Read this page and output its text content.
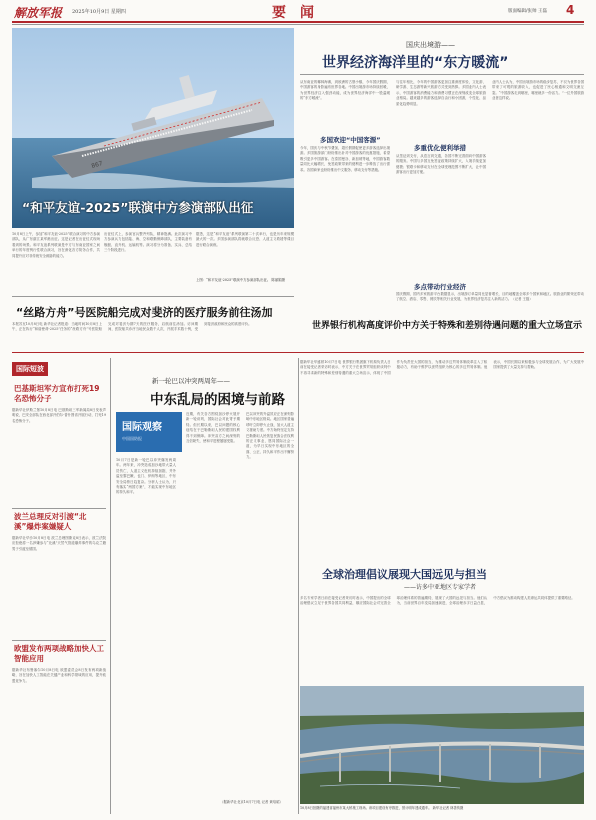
解放军报 2025年10月9日 星期四	要　闻	版面编辑/张帅 王磊 4
867
“和平友谊-2025”联演中方参演部队出征
10月8日上午，参加“和平友谊-2025”联合演习的中方参演部队，从广东湛江某军港出征。这是记者在出征仪式现场看到的场景。和平友谊系列联演是中方与东南亚国家之间举行的年度例行性联合演习，旨在深化各方防务合作，共同提升应对非传统安全威胁的能力。
出征仪式上，参演官兵整齐列队，精神饱满。此次演习中方参演兵力包括陆、海、空和联勤保障部队，主要装备有舰艇、直升机、运输机等。演习将分为准备、实兵、总结三个阶段进行。
据悉，这是“和平友谊”系列联演第二十次举行，也是历年来规模最大的一次。多国参演部队将就联合反恐、人道主义救援等课目进行联合演练。
上图：“和平友谊-2025”联演中方参演部队出征。 陈丽娟摄
国庆出境游——
世界经济海洋里的“东方暖流”
从东南亚的椰林海滩，到欧洲的古堡小镇，今年国庆假期，中国游客的身影遍布世界各地。中国出境游市场持续回暖，为世界经济注入强劲动能，成为世界经济海洋中一股温暖的“东方暖流”。
多国欢迎“中国客源”
今年，国庆与中秋节叠加，超长假期促使更多游客选择出境游。多国旅游部门纷纷推出针对中国游客的优惠措施，希望吸引更多中国游客。在泰国曼谷、新加坡等地，中国游客数量同比大幅增长，免签政策带来的便利进一步释放了出行需求。各国商家也纷纷推出中文服务、移动支付等措施。
与往年相比，今年的中国游客更加注重深度体验，文化游、研学游、生态游等新兴旅游方式受到热捧。多国业内人士表示，中国游客的消费能力和消费习惯正在深刻改变全球旅游业格局。越来越多的游客选择自由行和小团游，个性化、品质化趋势明显。
多重优化便利举措
从签证到支付，从语言到交通，各国不断完善面向中国游客的服务。中国与多国互免签证政策持续扩大，入境手续更加便捷；银联卡和移动支付在全球受理范围不断扩大，让中国游客出行更加方便。
业内人士认为，中国出境游市场的稳步复苏，不仅为世界各国带来了可观的旅游收入，也促进了民心相通和文明交流互鉴。“中国游客走到哪里，哪里就多一份活力。”一位外国旅游业者这样说。
多点带动行业经济
国庆假期，国内多家旅游平台数据显示，出境游订单量同比显著增长，目的地覆盖全球多个国家和地区。旅游业的繁荣还带动了航空、酒店、零售、餐饮等相关行业发展，为世界经济复苏注入新的活力。（记者 王磊）
“丝路方舟”号医院船完成对斐济的医疗服务前往汤加
本报苏瓦10月8日电 新华社记者报道：当地时间10月8日上午，正在执行“和谐使命-2025”任务的“丝路方舟”号医院船完成对斐济为期7天的医疗服务，启航前往汤加。访问期间，医院船共诊疗当地民众数千人次，开展手术数十例，受到斐济政府和民众的高度评价。	世界银行机构高度评价中方关于特殊和差别待遇问题的重大立场宣示
据新华社华盛顿10月7日电 世界银行集团旗下机构负责人日前在接受记者采访时表示，中方关于在世界贸易组织谈判中不再寻求新的特殊和差别待遇的重大立场宣示，体现了中国作为负责任大国的担当，为推动多边贸易体制改革注入了积极动力，有助于维护以世贸组织为核心的多边贸易体制。他表示，中国长期以来积极参与全球发展合作，为广大发展中国家提供了大量支持与帮助。
国际短波
巴基斯坦军方宣布打死19名恐怖分子
据新华社伊斯兰堡10月8日电 巴基斯坦三军新闻局8日发表声明说，巴安全部队在西北部开伯尔-普什图省开展行动，打死19名恐怖分子。
波兰总理反对引渡“北溪”爆炸案嫌疑人
据新华社华沙10月8日电 波兰总理图斯克8日表示，波兰法院应拒绝将一名涉嫌参与“北溪”天然气管道爆炸事件的乌克兰籍男子引渡至德国。
欧盟发布两项战略加快人工智能应用
据新华社布鲁塞尔10月8日电 欧盟委员会8日发布两项新战略，旨在加快人工智能在关键产业和科学领域的应用，提升欧盟竞争力。
新一轮巴以冲突两周年——
中东乱局的困境与前路
国际观察
中国国防报
10月7日是新一轮巴以冲突爆发两周年。两年来，冲突造成加沙地带大量人员伤亡，人道主义危机持续加剧，并外溢至黎巴嫩、也门、伊朗等地区，中东安全局势日趋复杂。分析人士认为，只有落实“两国方案”，才能实现中东地区的持久和平。
近期，有关各方围绕加沙停火展开新一轮谈判，国际社会对此寄予期待。但长期以来，巴以问题的核心症结在于巴勒斯坦人民的建国权利得不到保障。冲突双方之间深刻的互信缺失，使和平进程屡屡受阻。
巴以冲突的外溢效应正在深刻影响中东地区格局。地区国家普遍呼吁立即停火止战，加大人道主义援助力度。中方始终坚定支持巴勒斯坦人民恢复民族合法权利的正义事业，愿同国际社会一道，为早日实现中东地区的全面、公正、持久和平作出不懈努力。
（据新华社北京10月7日电 记者 黄培昭）
全球治理倡议展现大国远见与担当
——访多中亚地区专家学者
多名专家学者日前在接受记者采访时表示，中国提出的全球治理倡议立足于世界各国共同利益，顺应国际社会对完善全球治理体系的普遍期待，展现了大国的远见与担当。他们认为，当前世界百年变局加速演进，全球治理赤字日益凸显，中方倡议为推动构建人类命运共同体提供了重要路径。
10月8日拍摄的福建省福州市某大桥施工现场。该项目建设有序推进，预计明年建成通车。 新华社记者 林善传摄
